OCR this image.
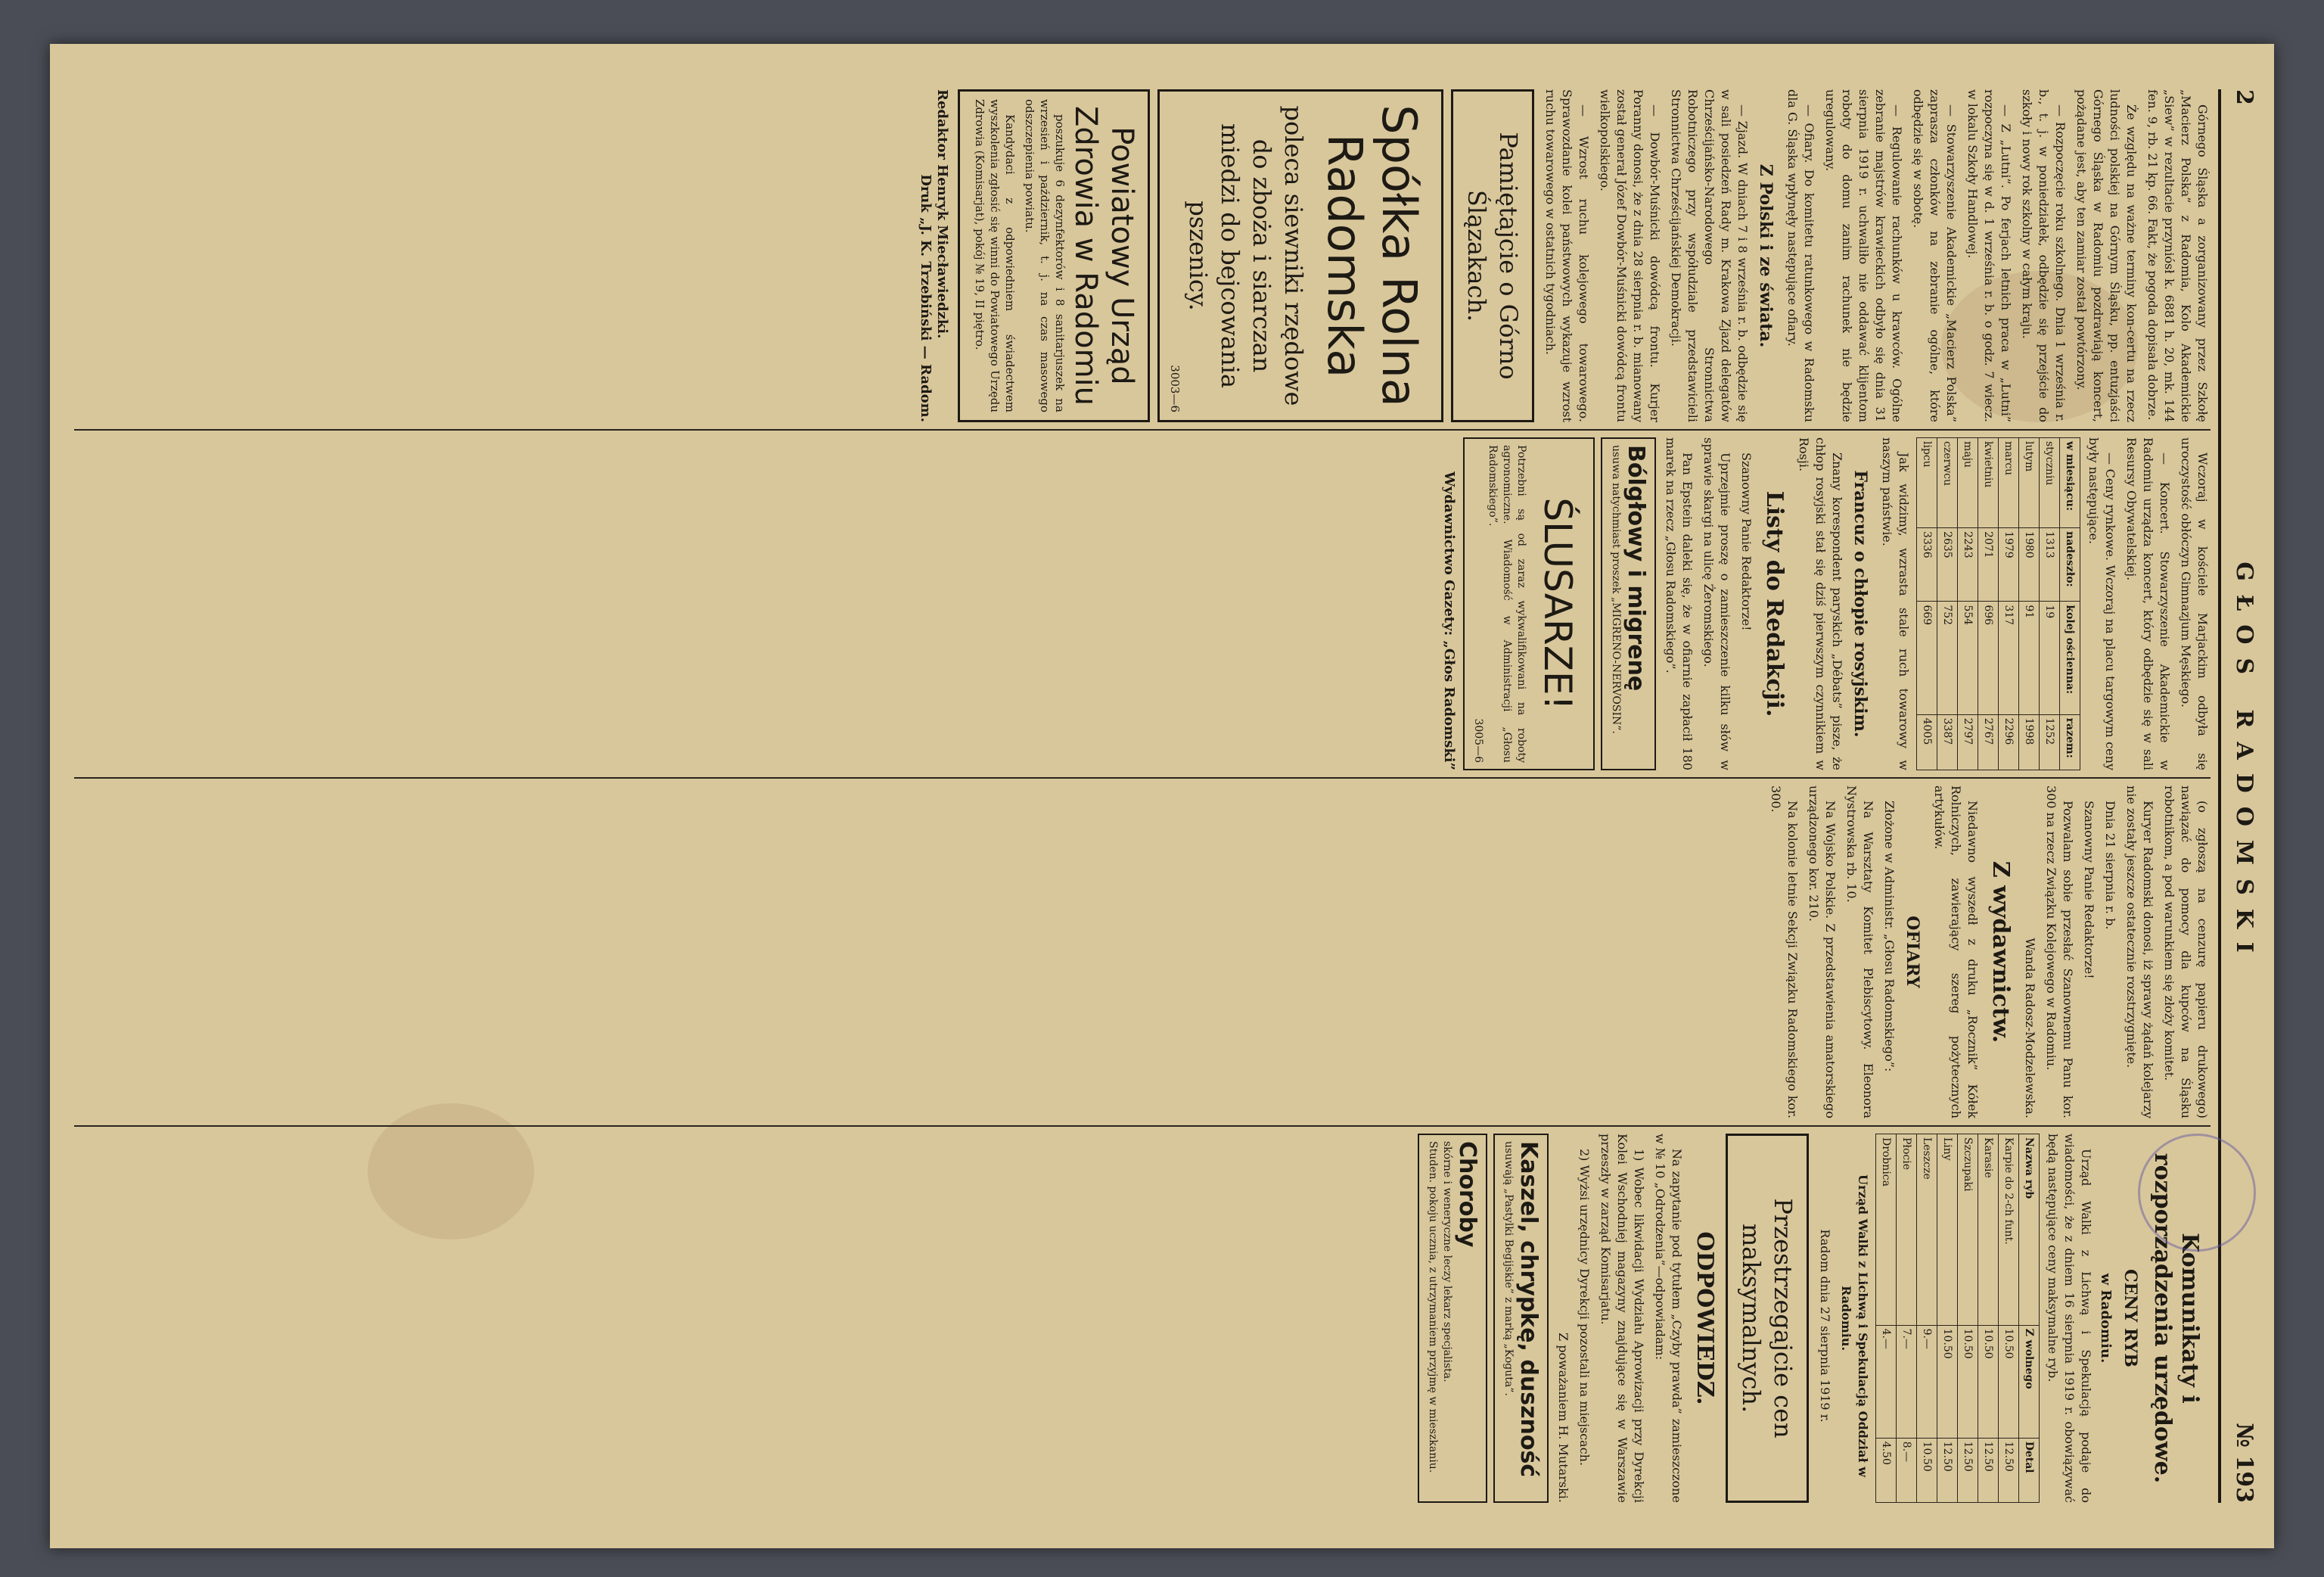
2
GŁOS RADOMSKI
№ 193

Górnego Śląska a zorganizowany przez Szkołę „Macierz Polska” z Radomia, Kolo Akademickie „Siew” w rezultacie przyniósł k. 6881 h. 20, mk. 144 fen. 9, rb. 21 kp. 66. Fakt, że pogoda dopisała dobrze.

Że względu na ważne terminy kon-certu na rzecz ludności polskiej na Górnym Śląsku, pp. entuzjaści Górnego Śląska w Radomiu pozdrawiają koncert, pożądane jest, aby ten zamiar został powtórzony.

— Rozpoczęcie roku szkolnego. Dnia 1 września r. b., t. j. w poniedziałek, odbędzie się przejście do szkoły i nowy rok szkolny w całym kraju.

— Z „Lutni”. Po ferjach letnich praca w „Lutni” rozpoczyna się w d. 1 września r. b. o godz. 7 wiecz. w lokalu Szkoły Handlowej.

— Stowarzyszenie Akademickie „Macierz Polska” zaprasza członków na zebranie ogólne, które odbędzie się w sobotę.

— Regulowanie rachunków u krawców. Ogólne zebranie majstrów krawieckich odbyło się dnia 31 sierpnia 1919 r. uchwaliło nie oddawać klijentom roboty do domu zanim rachunek nie będzie uregulowany.

— Ofiary. Do komitetu ratunkowego w Radomsku dla G. Śląska wpłynęły następujące ofiary.

Z Polski i ze świata.

— Zjazd. W dniach 7 i 8 września r. b. odbędzie się w sali posiedzeń Rady m. Krakowa Zjazd delegatów Chrześcijańsko-Narodowego Stronnictwa Robotniczego przy współudziale przedstawicieli Stronnictwa Chrześcijańskiej Demokracji.

— Dowbór-Muśnicki dowódcą frontu. Kurjer Poranny donosi, że z dnia 28 sierpnia r. b. mianowany został generał Józef Dowbór-Muśnicki dowódcą frontu wielkopolskiego.

— Wzrost ruchu kolejowego towarowego. Sprawozdanie kolei państwowych wykazuje wzrost ruchu towarowego w ostatnich tygodniach.

Pamiętajcie o Górno Ślązakach.
Spółka Rolna Radomska
poleca siewniki rzędowe do zboża i siarczan miedzi do bejcowania pszenicy.
3003—6
Powiatowy Urząd Zdrowia w Radomiu

poszukuje 6 dezynfektorów i 8 sanitarjuszek na wrzesień i październik, t. j. na czas masowego odszczepienia powiatu.

Kandydaci z odpowiedniem świadectwem wyszkolenia zgłosić się winni do Powiatowego Urzędu Zdrowia (Komisarjat), pokój № 19, II piętro.

Redaktor Henryk Miecławiedzki.
Druk „J. K. Trzebiński — Radom.

Wczoraj w kościele Marjackim odbyła się uroczystość obłóczyn Gimnazjum Męskiego.

— Koncert. Stowarzyszenie Akademickie w Radomiu urządza koncert, który odbędzie się w sali Resursy Obywatelskiej.

— Ceny rynkowe. Wczoraj na placu targowym ceny były następujące.

w miesiącu:	nadeszło:	kolej ościenna:	razem:
styczniu	1313	19	1252
lutym	1980	91	1998
marcu	1979	317	2296
kwietniu	2071	696	2767
maju	2243	554	2797
czerwcu	2635	752	3387
lipcu	3336	669	4005

Jak widzimy, wzrasta stale ruch towarowy w naszym państwie.

Francuz o chłopie rosyjskim.

Znany korespondent paryskich „Débats” pisze, że chłop rosyjski stał się dziś pierwszym czynnikiem w Rosji.

Listy do Redakcji.

Szanowny Panie Redaktorze!

Uprzejmie proszę o zamieszczenie kilku słów w sprawie skargi na ulicę Żeromskiego.

Pan Epstein daleki się, że w ofiarnie zapłacił 180 marek na rzecz „Głosu Radomskiego”.

Bólgłowy i migrenę
usuwa natychmiast proszek „MIGRENO-NERVOSIN”.
ŚLUSARZE!
Potrzebni są od zaraz wykwalifikowani na roboty agronomiczne. Wiadomość w Administracji „Głosu Radomskiego”.
3005—6
Wydawnictwo Gazety: „Głos Radomski”

(o zgłoszą na cenzurę papieru drukowego) nawiązać do pomocy dla kupców na Śląsku robotnikom, a pod warunkiem się złoży komitet.

Kuryer Radomski donosi, iż sprawy żądań kolejarzy nie zostały jeszcze ostatecznie rozstrzygnięte.

Dnia 21 sierpnia r. b.

Szanowny Panie Redaktorze!

Pozwalam sobie przesłać Szanownemu Panu kor. 300 na rzecz Związku Kolejowego w Radomiu.

Wanda Radosz-Modzelewska.

Z wydawnictw.

Niedawno wyszedł z druku „Rocznik” Kółek Rolniczych, zawierający szereg pożytecznych artykułów.

OFIARY

Złożone w Administr. „Głosu Radomskiego”:

Na Warsztaty Komitet Plebiscytowy. Eleonora Nystrowska rb. 10.

Na Wojsko Polskie. Z przedstawienia amatorskiego urządzonego kor. 210.

Na kolonie letnie Sekcji Związku Radomskiego kor. 300.

Komunikaty i rozporządzenia urzędowe.
CENY RYB
w Radomiu.

Urząd Walki z Lichwą i Spekulacją podaje do wiadomości, że z dniem 16 sierpnia 1919 r. obowiązywać będą następujące ceny maksymalne ryb.

Nazwa ryb	Z wolnego	Detal
Karpie do 2-ch funt.	10.50	12.50
Karasie	10.50	12.50
Szczupaki	10.50	12.50
Liny	10.50	12.50
Leszcze	9.—	10.50
Płocie	7.—	8.—
Drobnica	4.—	4.50

Urząd Walki z Lichwą i Spekulacją Oddział w Radomiu.

Radom dnia 27 sierpnia 1919 r.

Przestrzegajcie cen maksymalnych.
ODPOWIEDZ.

Na zapytanie pod tytułem „Czyby prawda” zamieszczone w № 10 „Odrodzenia”—odpowiadam:

1) Wobec likwidacji Wydziału Aprowizacji przy Dyrekcji Kolei Wschodniej magazyny znajdujące się w Warszawie przeszły w zarząd Komisarjatu.

2) Wyżsi urzędnicy Dyrekcji pozostali na miejscach.

Z poważaniem H. Mutarski.

Kaszel, chrypkę, duszność
usuwają „Pastylki Begijskie” z marką „Koguta”.
Choroby
skórne i weneryczne leczy lekarz specjalista.
Studen. pokoju ucznia, z utrzymaniem przyjmę w mieszkaniu.
